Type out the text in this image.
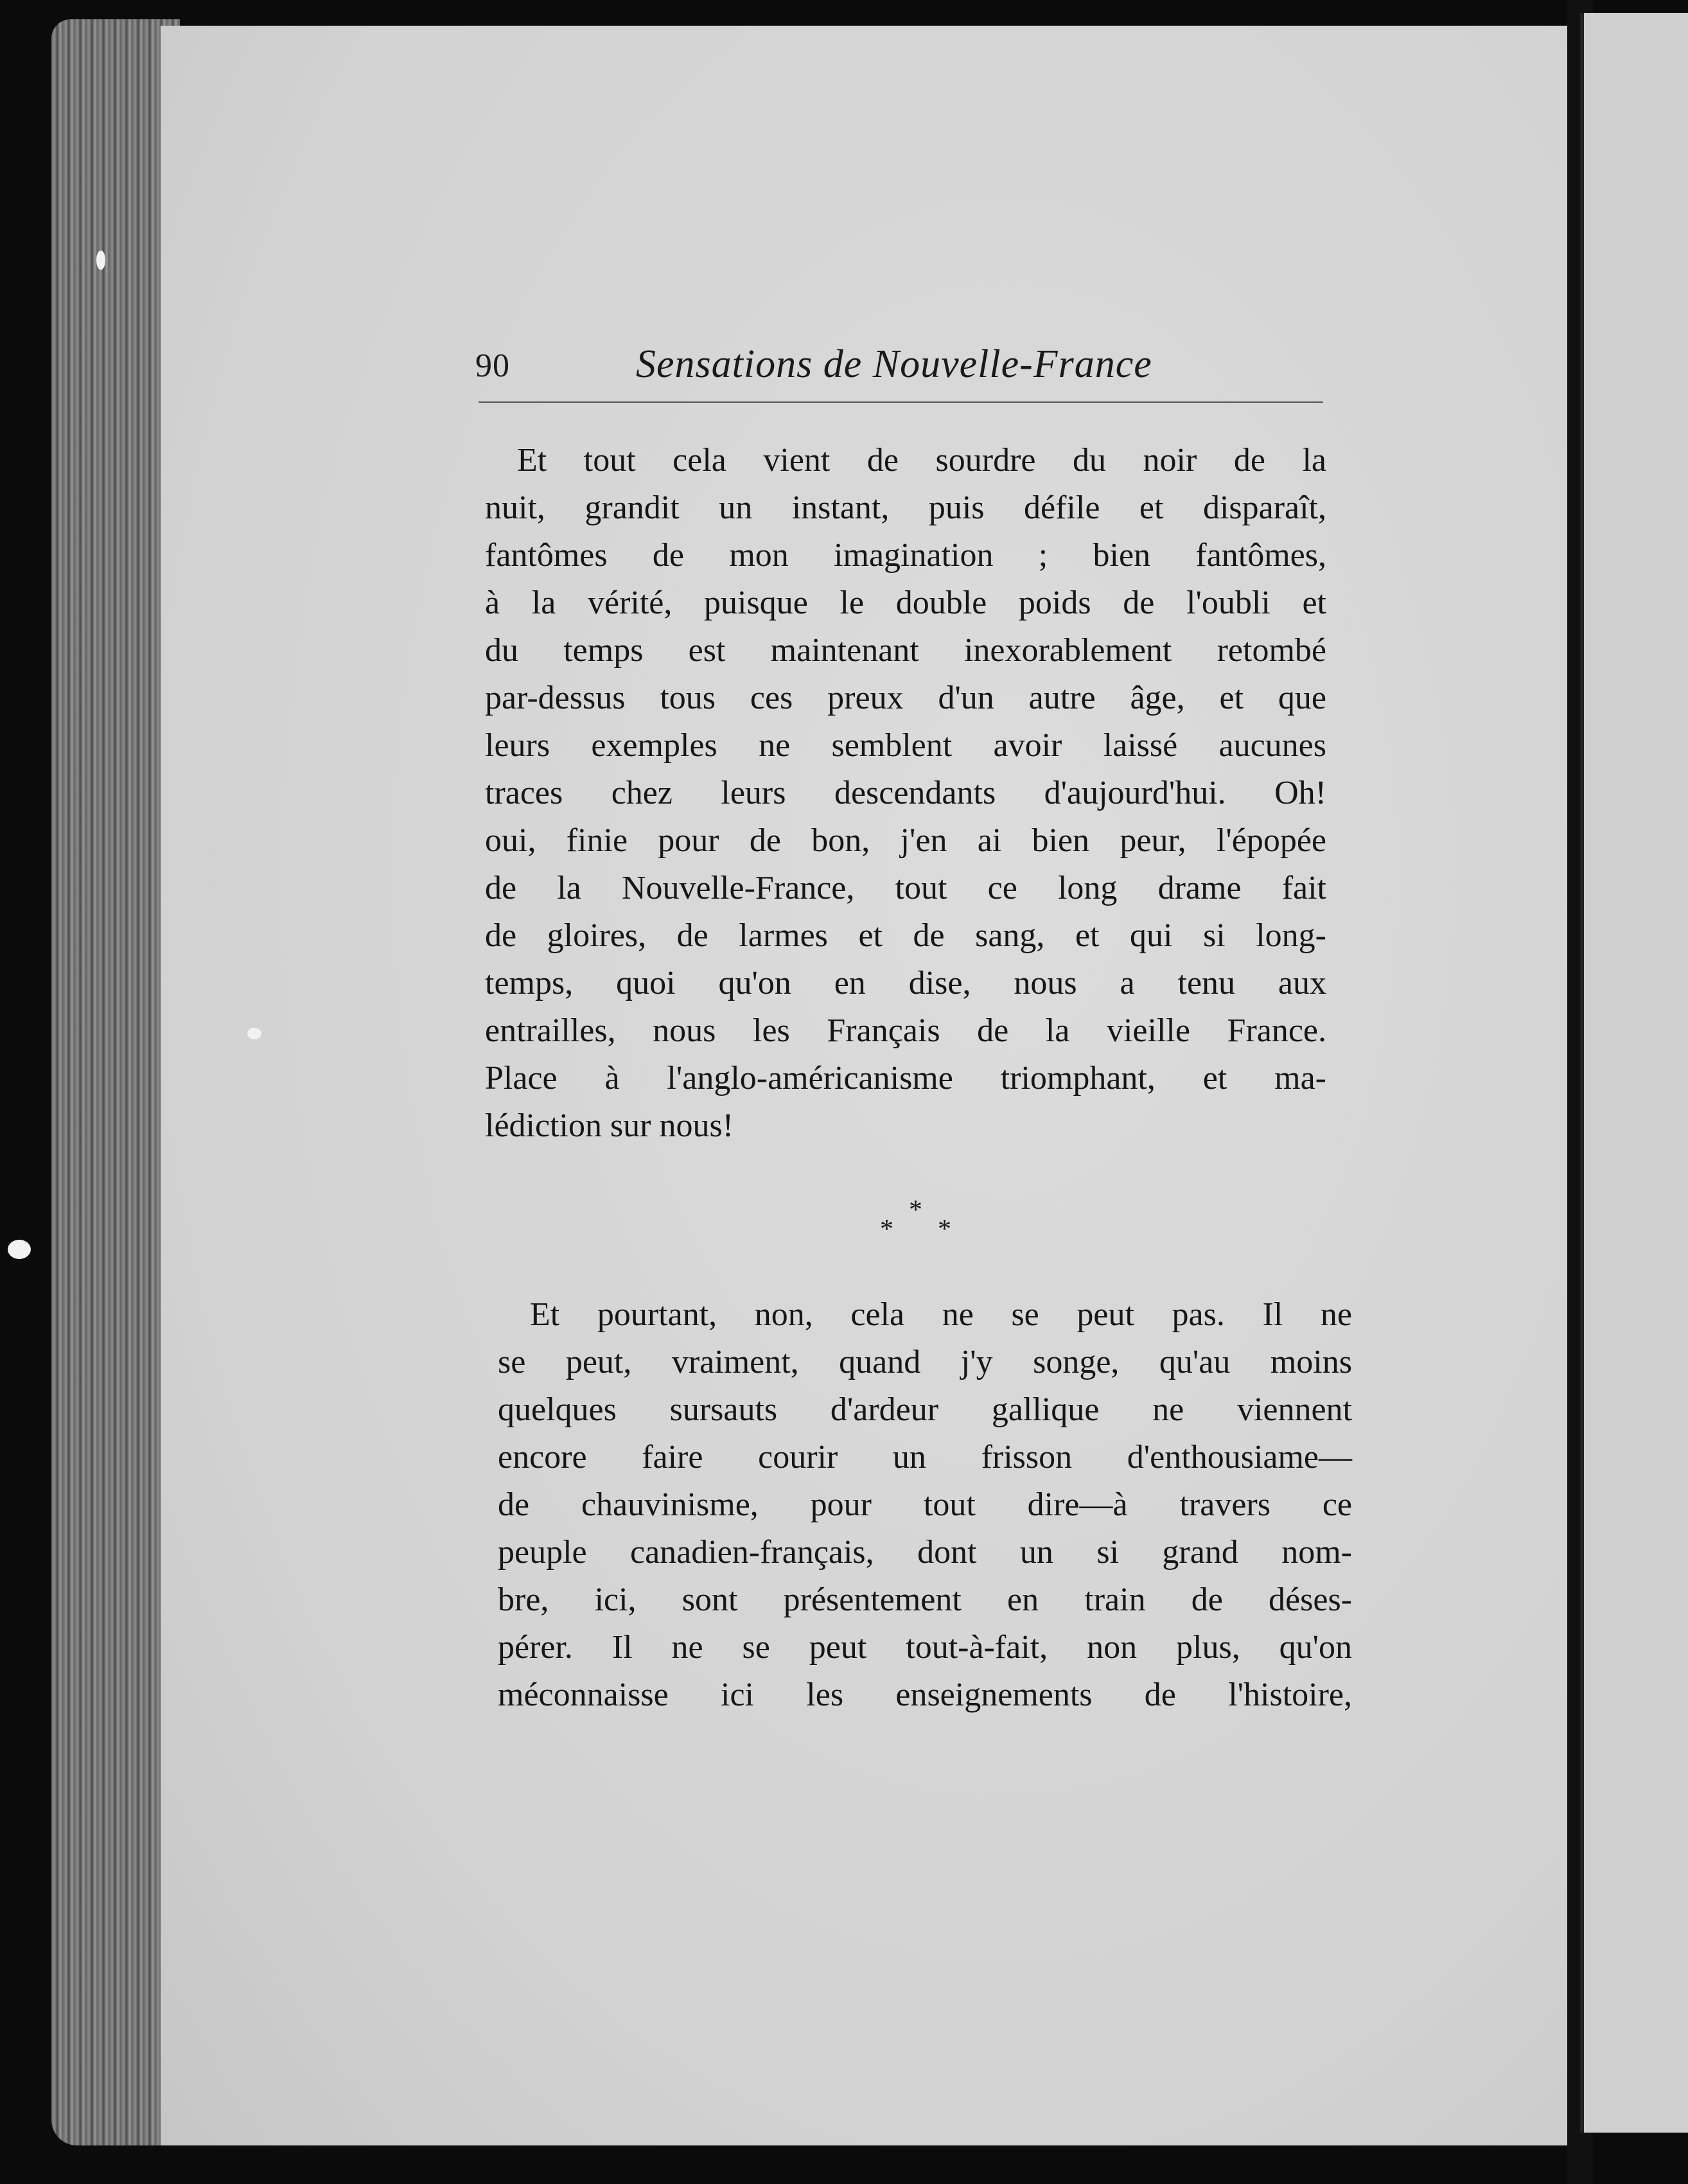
90	Sensations de Nouvelle-France

Et tout cela vient de sourdre du noir de la
nuit, grandit un instant, puis défile et disparaît,
fantômes de mon imagination ; bien fantômes,
à la vérité, puisque le double poids de l'oubli et
du temps est maintenant inexorablement retombé
par-dessus tous ces preux d'un autre âge, et que
leurs exemples ne semblent avoir laissé aucunes
traces chez leurs descendants d'aujourd'hui. Oh!
oui, finie pour de bon, j'en ai bien peur, l'épopée
de la Nouvelle-France, tout ce long drame fait
de gloires, de larmes et de sang, et qui si long-
temps, quoi qu'on en dise, nous a tenu aux
entrailles, nous les Français de la vieille France.
Place à l'anglo-américanisme triomphant, et ma-
lédiction sur nous!

*
*
*

Et pourtant, non, cela ne se peut pas. Il ne
se peut, vraiment, quand j'y songe, qu'au moins
quelques sursauts d'ardeur gallique ne viennent
encore faire courir un frisson d'enthousiame—
de chauvinisme, pour tout dire—à travers ce
peuple canadien-français, dont un si grand nom-
bre, ici, sont présentement en train de déses-
pérer. Il ne se peut tout-à-fait, non plus, qu'on
méconnaisse ici les enseignements de l'histoire,
